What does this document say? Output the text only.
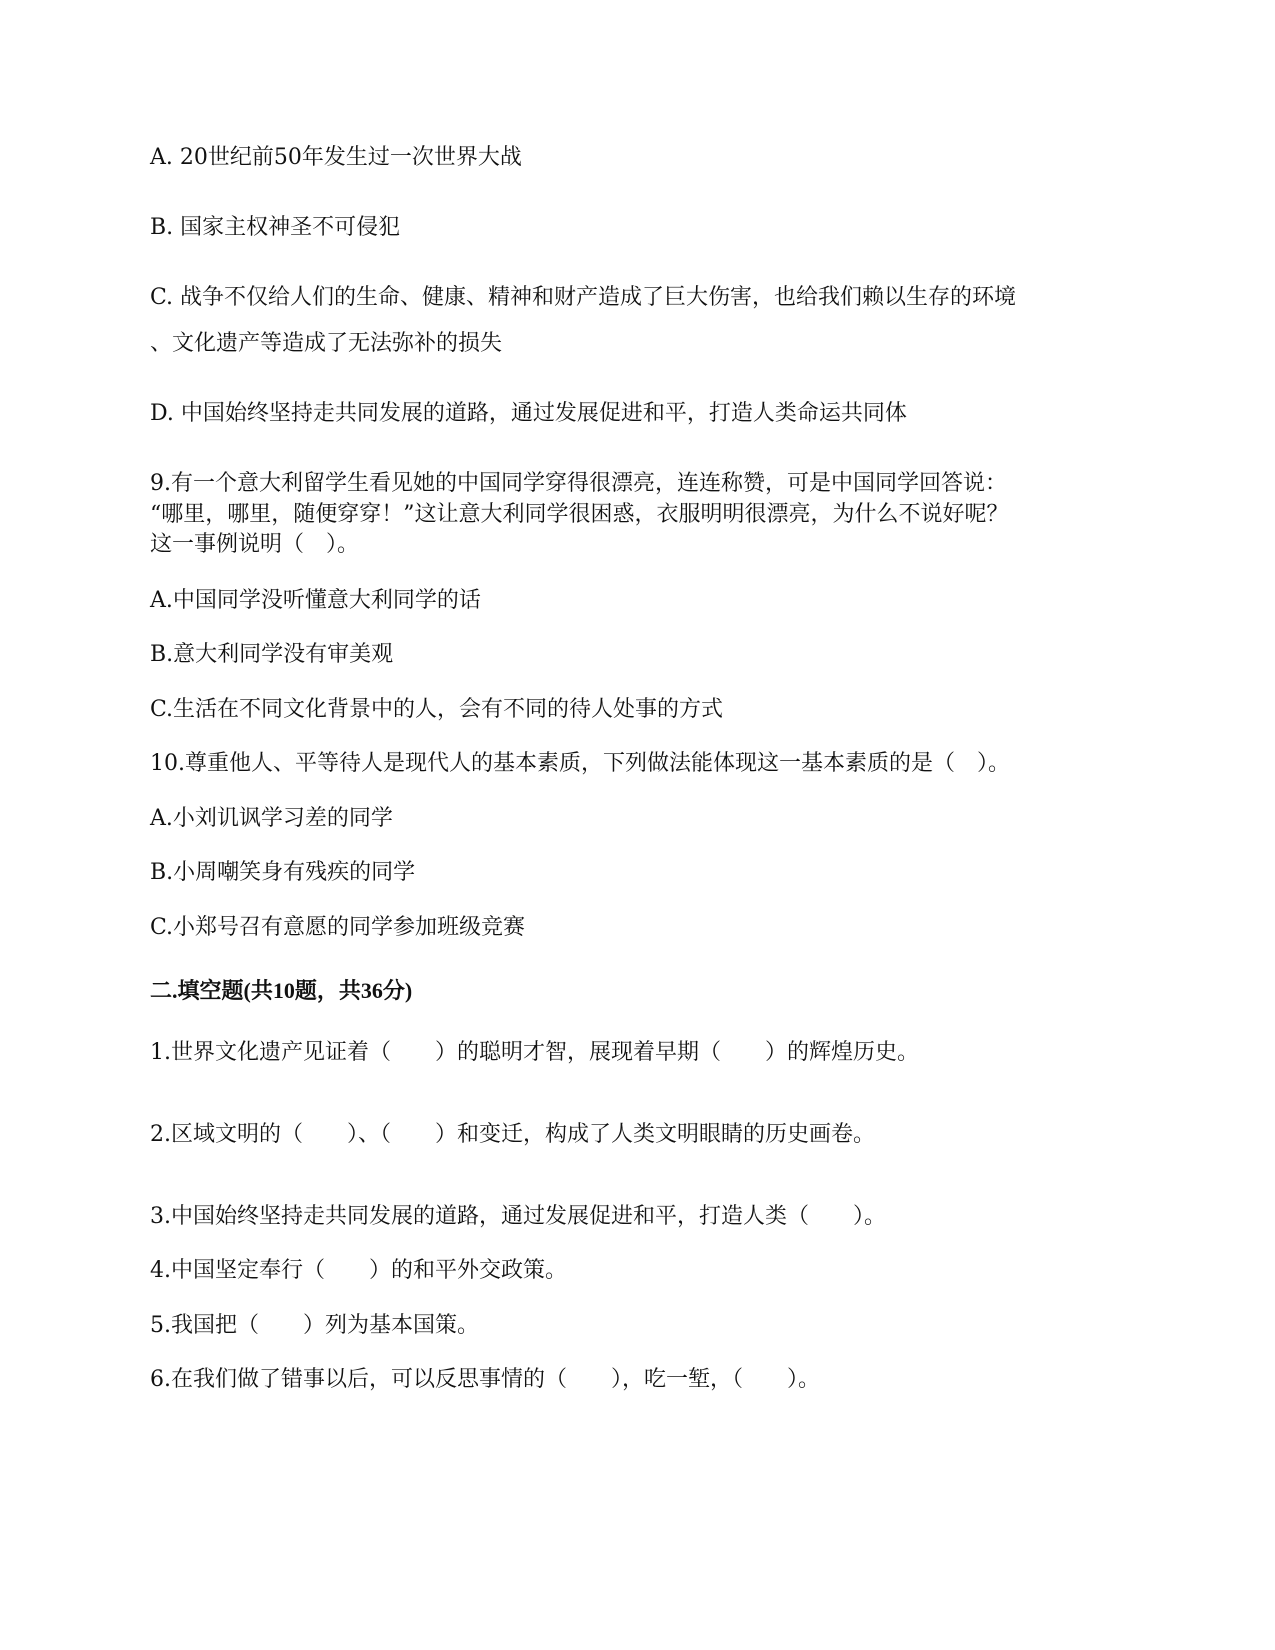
A. 20世纪前50年发生过一次世界大战
B. 国家主权神圣不可侵犯
C. 战争不仅给人们的生命、健康、精神和财产造成了巨大伤害，也给我们赖以生存的环境
、文化遗产等造成了无法弥补的损失
D. 中国始终坚持走共同发展的道路，通过发展促进和平，打造人类命运共同体
9.有一个意大利留学生看见她的中国同学穿得很漂亮，连连称赞，可是中国同学回答说：
“哪里，哪里，随便穿穿！”这让意大利同学很困惑，衣服明明很漂亮，为什么不说好呢？
这一事例说明（　）。
A.中国同学没听懂意大利同学的话
B.意大利同学没有审美观
C.生活在不同文化背景中的人，会有不同的待人处事的方式
10.尊重他人、平等待人是现代人的基本素质，下列做法能体现这一基本素质的是（　）。
A.小刘讥讽学习差的同学
B.小周嘲笑身有残疾的同学
C.小郑号召有意愿的同学参加班级竞赛
二.填空题(共10题，共36分)
1.世界文化遗产见证着（　　）的聪明才智，展现着早期（　　）的辉煌历史。
2.区域文明的（　　）、（　　）和变迁，构成了人类文明眼睛的历史画卷。
3.中国始终坚持走共同发展的道路，通过发展促进和平，打造人类（　　）。
4.中国坚定奉行（　　）的和平外交政策。
5.我国把（　　）列为基本国策。
6.在我们做了错事以后，可以反思事情的（　　），吃一堑，（　　）。
